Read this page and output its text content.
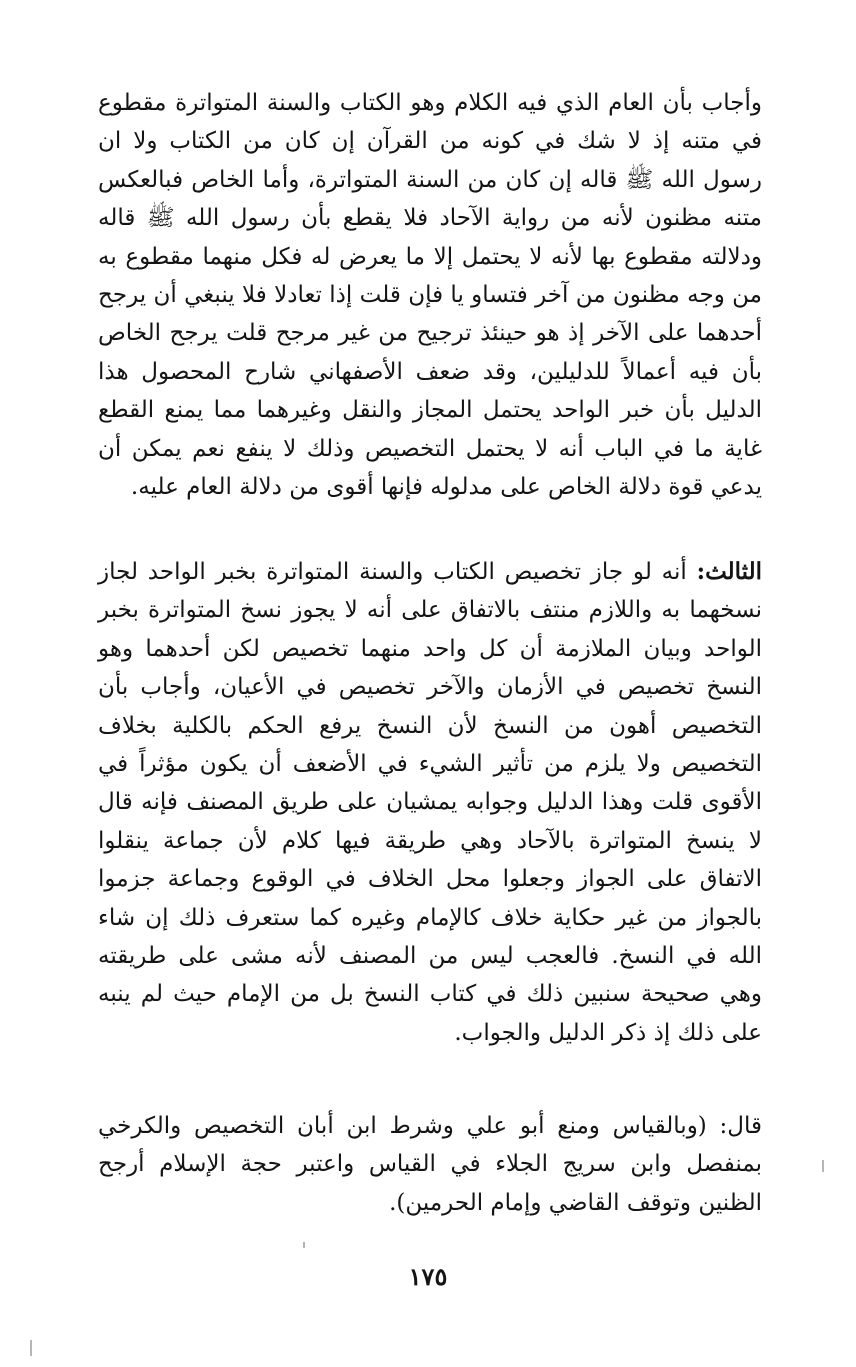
وأجاب بأن العام الذي فيه الكلام وهو الكتاب والسنة المتواترة مقطوع في متنه إذ لا شك في كونه من القرآن إن كان من الكتاب ولا ان رسول الله ﷺ قاله إن كان من السنة المتواترة، وأما الخاص فبالعكس متنه مظنون لأنه من رواية الآحاد فلا يقطع بأن رسول الله ﷺ قاله ودلالته مقطوع بها لأنه لا يحتمل إلا ما يعرض له فكل منهما مقطوع به من وجه مظنون من آخر فتساو يا فإن قلت إذا تعادلا فلا ينبغي أن يرجح أحدهما على الآخر إذ هو حينئذ ترجيح من غير مرجح قلت يرجح الخاص بأن فيه أعمالاً للدليلين، وقد ضعف الأصفهاني شارح المحصول هذا الدليل بأن خبر الواحد يحتمل المجاز والنقل وغيرهما مما يمنع القطع غاية ما في الباب أنه لا يحتمل التخصيص وذلك لا ينفع نعم يمكن أن يدعي قوة دلالة الخاص على مدلوله فإنها أقوى من دلالة العام عليه.

الثالث: أنه لو جاز تخصيص الكتاب والسنة المتواترة بخبر الواحد لجاز نسخهما به واللازم منتف بالاتفاق على أنه لا يجوز نسخ المتواترة بخبر الواحد وبيان الملازمة أن كل واحد منهما تخصيص لكن أحدهما وهو النسخ تخصيص في الأزمان والآخر تخصيص في الأعيان، وأجاب بأن التخصيص أهون من النسخ لأن النسخ يرفع الحكم بالكلية بخلاف التخصيص ولا يلزم من تأثير الشيء في الأضعف أن يكون مؤثراً في الأقوى قلت وهذا الدليل وجوابه يمشيان على طريق المصنف فإنه قال لا ينسخ المتواترة بالآحاد وهي طريقة فيها كلام لأن جماعة ينقلوا الاتفاق على الجواز وجعلوا محل الخلاف في الوقوع وجماعة جزموا بالجواز من غير حكاية خلاف كالإمام وغيره كما ستعرف ذلك إن شاء الله في النسخ. فالعجب ليس من المصنف لأنه مشى على طريقته وهي صحيحة سنبين ذلك في كتاب النسخ بل من الإمام حيث لم ينبه على ذلك إذ ذكر الدليل والجواب.

قال: (وبالقياس ومنع أبو علي وشرط ابن أبان التخصيص والكرخي بمنفصل وابن سريج الجلاء في القياس واعتبر حجة الإسلام أرجح الظنين وتوقف القاضي وإمام الحرمين).

١٧٥
